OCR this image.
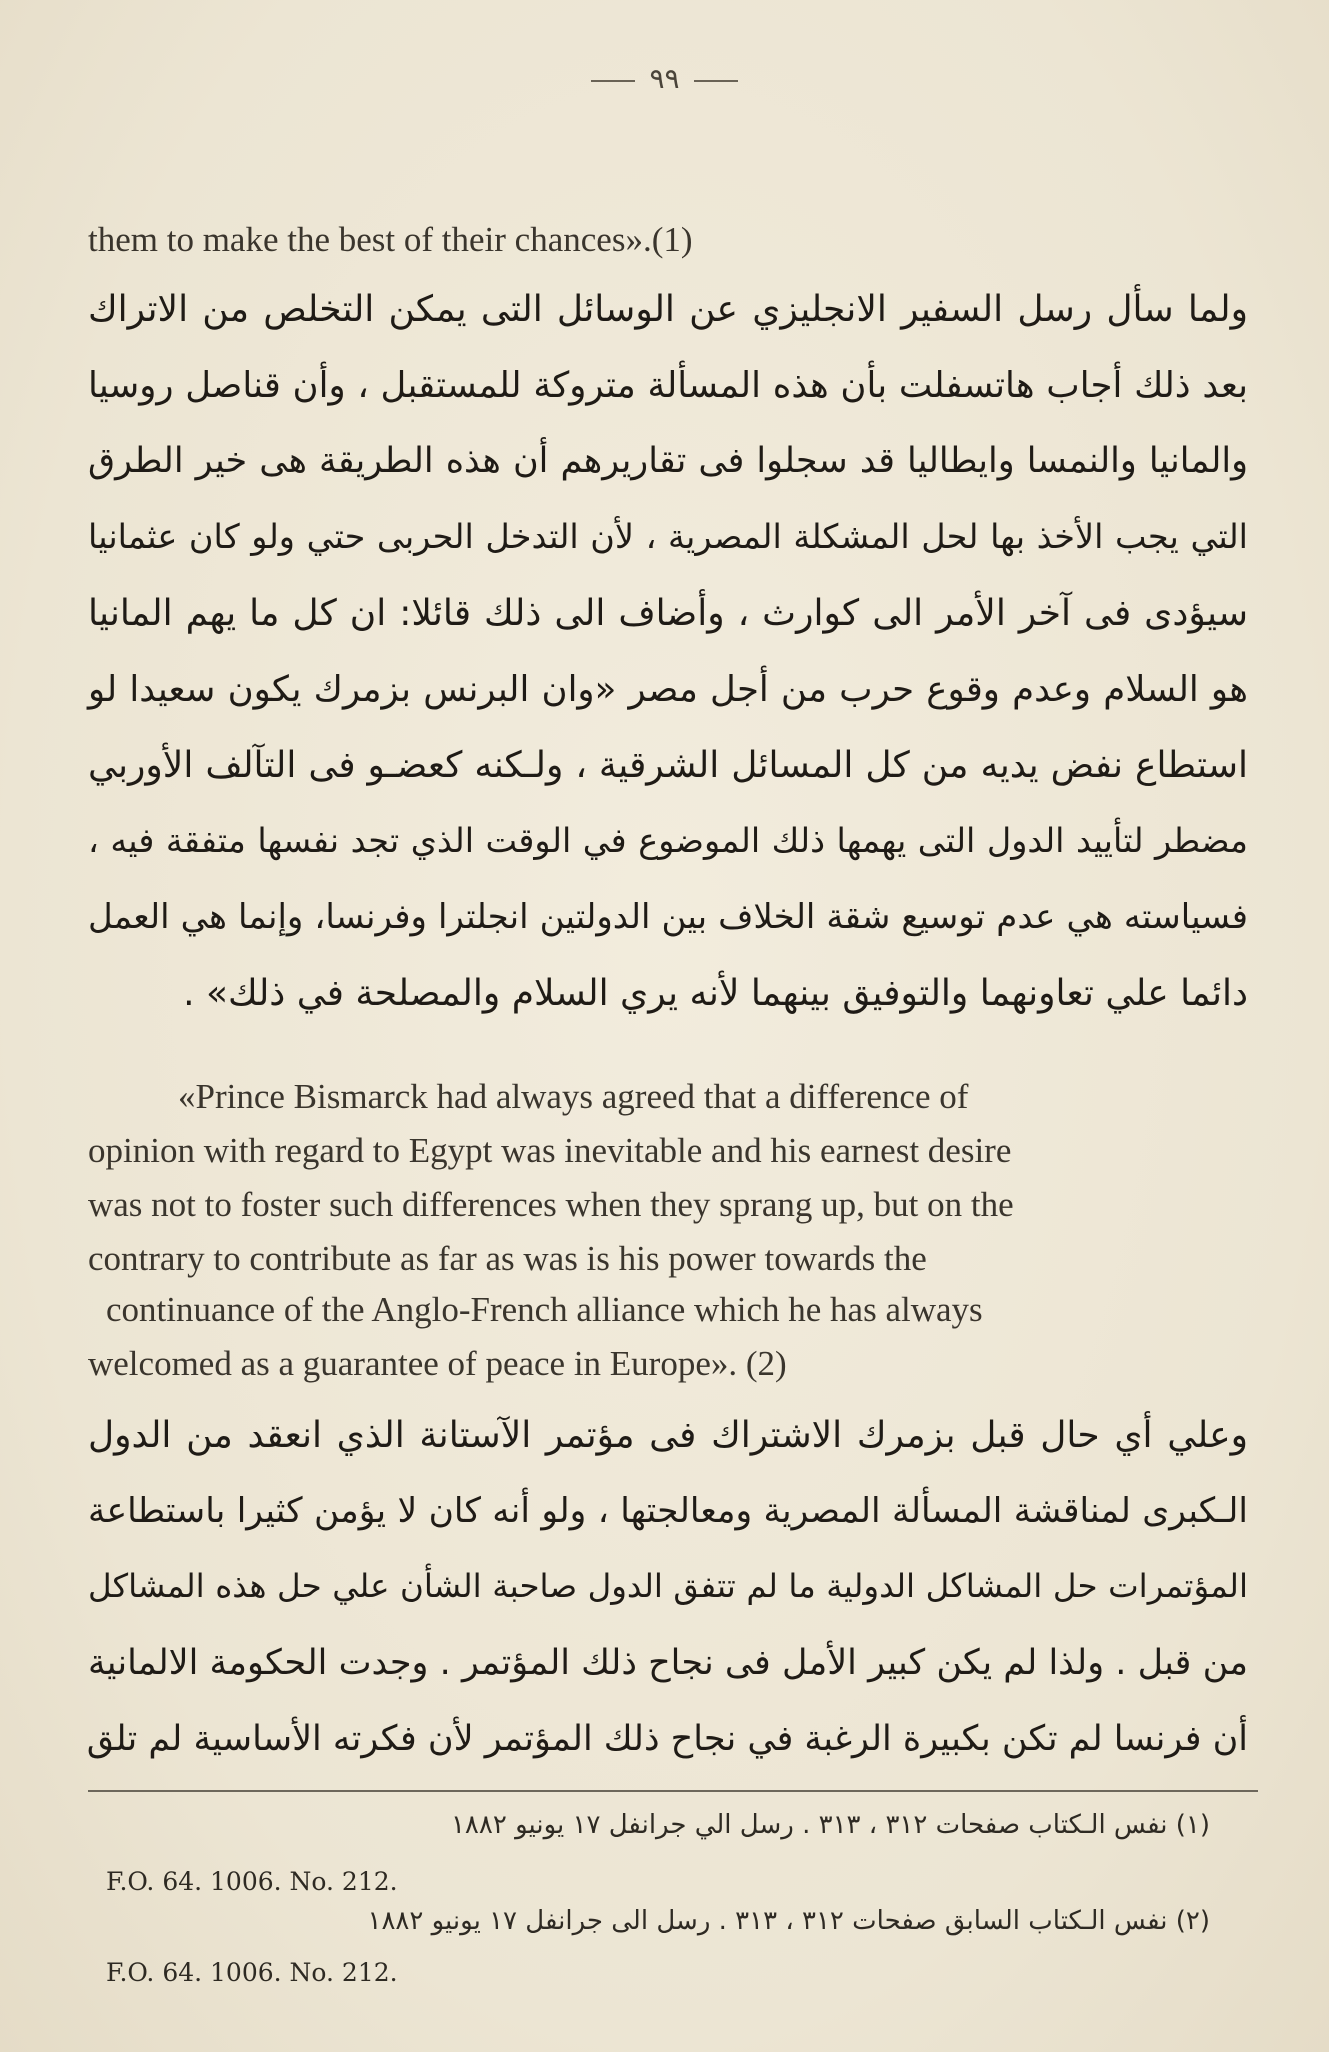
٩٩
them to make the best of their chances».(1)
ولما سأل رسل السفير الانجليزي عن الوسائل التى يمكن التخلص من الاتراك
بعد ذلك أجاب هاتسفلت بأن هذه المسألة متروكة للمستقبل ، وأن قناصل روسيا
والمانيا والنمسا وايطاليا قد سجلوا فى تقاريرهم أن هذه الطريقة هى خير الطرق
التي يجب الأخذ بها لحل المشكلة المصرية ، لأن التدخل الحربى حتي ولو كان عثمانيا
سيؤدى فى آخر الأمر الى كوارث ، وأضاف الى ذلك قائلا: ان كل ما يهم المانيا
هو السلام وعدم وقوع حرب من أجل مصر «وان البرنس بزمرك يكون سعيدا لو
استطاع نفض يديه من كل المسائل الشرقية ، ولـكنه كعضـو فى التآلف الأوربي
مضطر لتأييد الدول التى يهمها ذلك الموضوع في الوقت الذي تجد نفسها متفقة فيه ،
فسياسته هي عدم توسيع شقة الخلاف بين الدولتين انجلترا وفرنسا، وإنما هي العمل
دائما علي تعاونهما والتوفيق بينهما لأنه يري السلام والمصلحة في ذلك» .
«Prince Bismarck had always agreed that a difference of
opinion with regard to Egypt was inevitable and his earnest desire
was not to foster such differences when they sprang up, but on the
contrary to contribute as far as was is his power towards the
continuance of the Anglo-French alliance which he has always
welcomed as a guarantee of peace in Europe». (2)
وعلي أي حال قبل بزمرك الاشتراك فى مؤتمر الآستانة الذي انعقد من الدول
الـكبرى لمناقشة المسألة المصرية ومعالجتها ، ولو أنه كان لا يؤمن كثيرا باستطاعة
المؤتمرات حل المشاكل الدولية ما لم تتفق الدول صاحبة الشأن علي حل هذه المشاكل
من قبل . ولذا لم يكن كبير الأمل فى نجاح ذلك المؤتمر . وجدت الحكومة الالمانية
أن فرنسا لم تكن بكبيرة الرغبة في نجاح ذلك المؤتمر لأن فكرته الأساسية لم تلق
(١) نفس الـكتاب صفحات ٣١٢ ، ٣١٣ . رسل الي جرانفل ١٧ يونيو ١٨٨٢
F.O. 64. 1006. No. 212.
(٢) نفس الـكتاب السابق صفحات ٣١٢ ، ٣١٣ . رسل الى جرانفل ١٧ يونيو ١٨٨٢
F.O. 64. 1006. No. 212.
